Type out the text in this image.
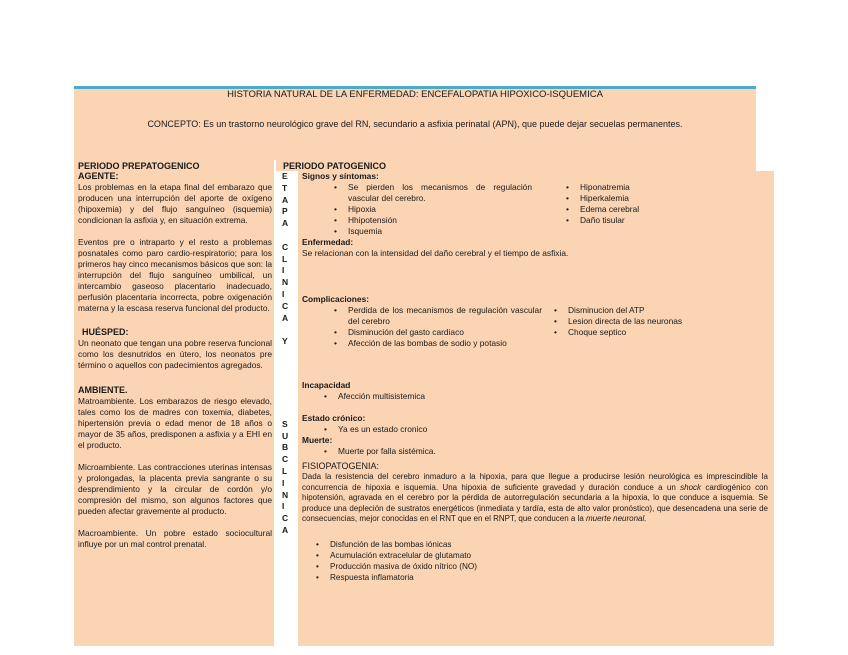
HISTORIA NATURAL DE LA ENFERMEDAD: ENCEFALOPATIA HIPOXICO-ISQUEMICA
CONCEPTO: Es un trastorno neurológico grave del RN, secundario a asfixia perinatal (APN), que puede dejar secuelas permanentes.
PERIODO PREPATOGENICO	PERIODO PATOGENICO
AGENTE:

Los problemas en la etapa final del embarazo que producen una interrupción del aporte de oxígeno (hipoxemia) y del flujo sanguíneo (isquemia) condicionan la asfixia y, en situación extrema.

Eventos pre o intraparto y el resto a problemas posnatales como paro cardio-respiratorio; para los primeros hay cinco mecanismos básicos que son: la interrupción del flujo sanguíneo umbilical, un intercambio gaseoso placentario inadecuado, perfusión placentaria incorrecta, pobre oxigenación materna y la escasa reserva funcional del producto.

HUÉSPED:

Un neonato que tengan una pobre reserva funcional como los desnutridos en útero, los neonatos pre término o aquellos con padecimientos agregados.

AMBIENTE.

Matroambiente. Los embarazos de riesgo elevado, tales como los de madres con toxemia, diabetes, hipertensión previa o edad menor de 18 años o mayor de 35 años, predisponen a asfixia y a EHI en el producto.

Microambiente. Las contracciones uterinas intensas y prolongadas, la placenta previa sangrante o su desprendimiento y la circular de cordón y/o compresión del mismo, son algunos factores que pueden afectar gravemente al producto.

Macroambiente. Un pobre estado sociocultural influye por un mal control prenatal.

E
T
A
P
A

C
L
I
N
I
C
A

Y

S
U
B
C
L
I
N
I
C
A
Signos y síntomas:
• Se pierden los mecanismos de regulación vascular del cerebro.
• Hipoxia
• Hhipotensión
• Isquemia
• Hiponatremia
• Hiperkalemia
• Edema cerebral
• Daño tisular
Enfermedad:
Se relacionan con la intensidad del daño cerebral y el tiempo de asfixia.
Complicaciones:
• Perdida de los mecanismos de regulación vascular del cerebro
• Disminución del gasto cardiaco
• Afección de las bombas de sodio y potasio
• Disminucion del ATP
• Lesion directa de las neuronas
• Choque septico
Incapacidad
• Afección multisistemica
Estado crónico:
• Ya es un estado cronico
Muerte:
• Muerte por falla sistémica.
FISIOPATOGENIA:

Dada la resistencia del cerebro inmaduro a la hipoxia, para que llegue a producirse lesión neurológica es imprescindible la concurrencia de hipoxia e isquemia. Una hipoxia de suficiente gravedad y duración conduce a un shock cardiogénico con hipotensión, agravada en el cerebro por la pérdida de autorregulación secundaria a la hipoxia, lo que conduce a isquemia. Se produce una depleción de sustratos energéticos (inmediata y tardía, esta de alto valor pronóstico), que desencadena una serie de consecuencias, mejor conocidas en el RNT que en el RNPT, que conducen a la muerte neuronal.

• Disfunción de las bombas iónicas
• Acumulación extracelular de glutamato
• Producción masiva de óxido nítrico (NO)
• Respuesta inflamatoria
